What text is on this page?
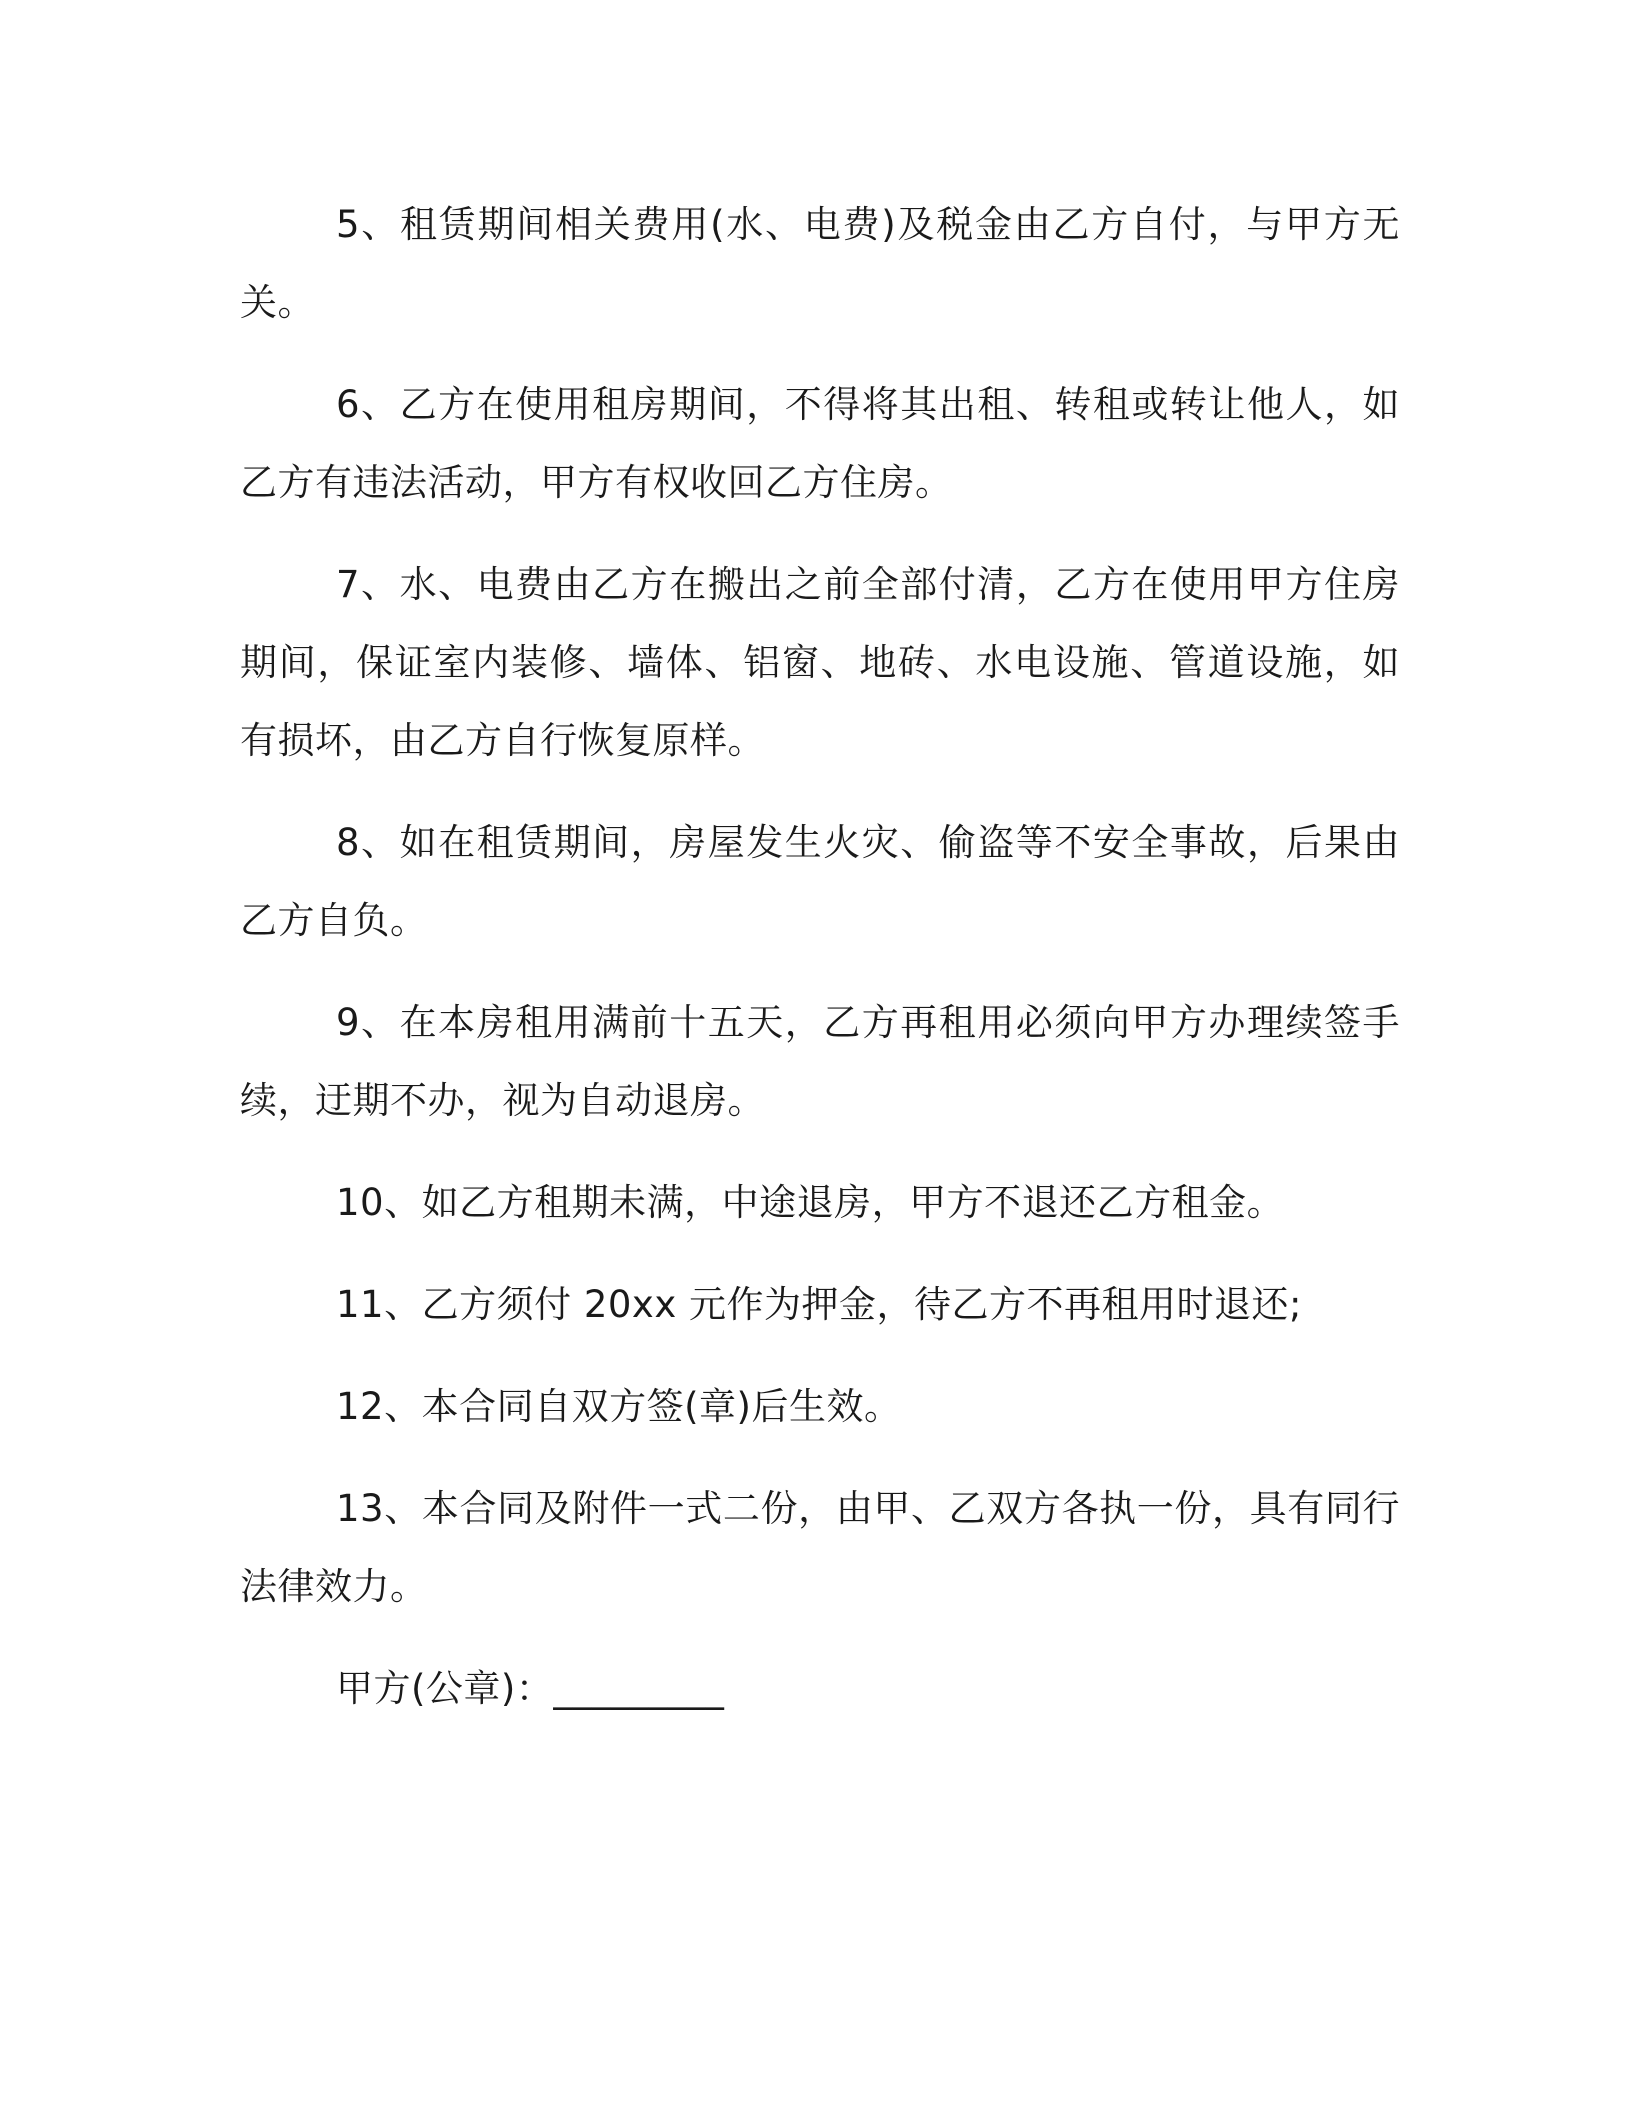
5、租赁期间相关费用(水、电费)及税金由乙方自付，与甲方无关。

6、乙方在使用租房期间，不得将其出租、转租或转让他人，如乙方有违法活动，甲方有权收回乙方住房。

7、水、电费由乙方在搬出之前全部付清，乙方在使用甲方住房期间，保证室内装修、墙体、铝窗、地砖、水电设施、管道设施，如有损坏，由乙方自行恢复原样。

8、如在租赁期间，房屋发生火灾、偷盗等不安全事故，后果由乙方自负。

9、在本房租用满前十五天，乙方再租用必须向甲方办理续签手续，迂期不办，视为自动退房。

10、如乙方租期未满，中途退房，甲方不退还乙方租金。

11、乙方须付 20xx 元作为押金，待乙方不再租用时退还;

12、本合同自双方签(章)后生效。

13、本合同及附件一式二份，由甲、乙双方各执一份，具有同行法律效力。

甲方(公章)：_________
